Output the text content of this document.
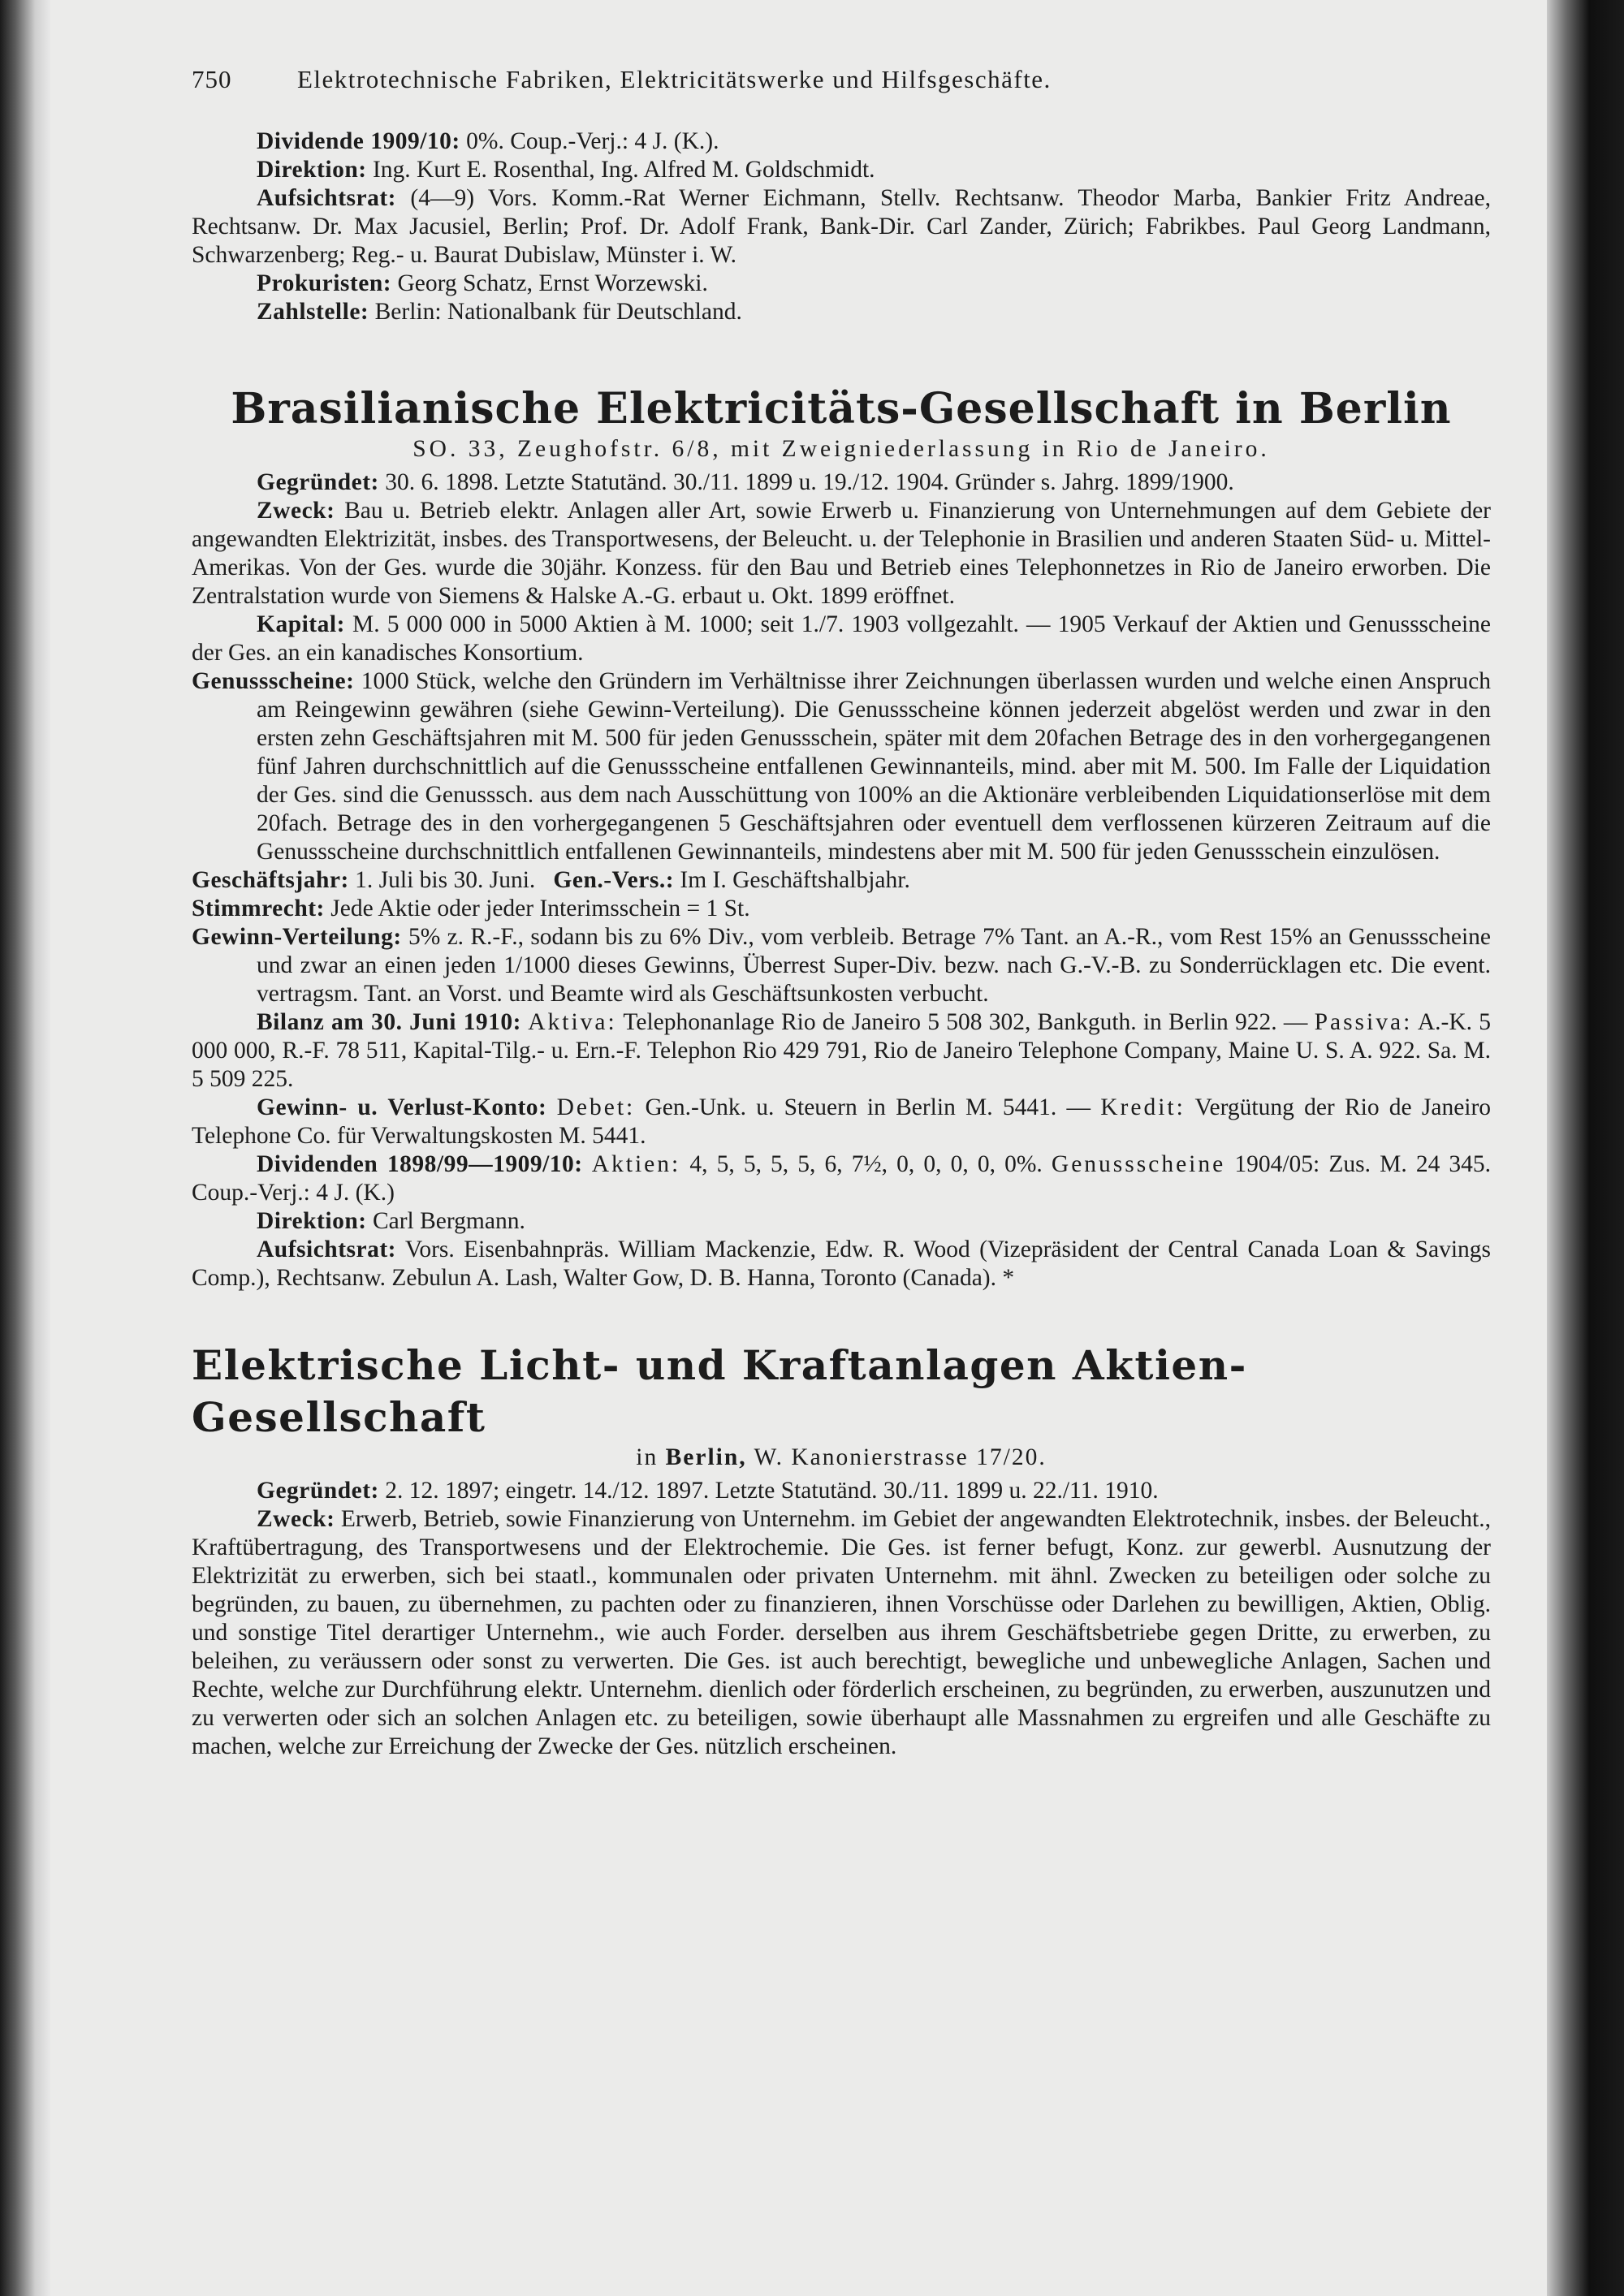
750	Elektrotechnische Fabriken, Elektricitätswerke und Hilfsgeschäfte.

Dividende 1909/10: 0%. Coup.-Verj.: 4 J. (K.).

Direktion: Ing. Kurt E. Rosenthal, Ing. Alfred M. Goldschmidt.

Aufsichtsrat: (4—9) Vors. Komm.-Rat Werner Eichmann, Stellv. Rechtsanw. Theodor Marba, Bankier Fritz Andreae, Rechtsanw. Dr. Max Jacusiel, Berlin; Prof. Dr. Adolf Frank, Bank-Dir. Carl Zander, Zürich; Fabrikbes. Paul Georg Landmann, Schwarzenberg; Reg.- u. Baurat Dubislaw, Münster i. W.

Prokuristen: Georg Schatz, Ernst Worzewski.

Zahlstelle: Berlin: Nationalbank für Deutschland.

Brasilianische Elektricitäts-Gesellschaft in Berlin

SO. 33, Zeughofstr. 6/8, mit Zweigniederlassung in Rio de Janeiro.

Gegründet: 30. 6. 1898. Letzte Statutänd. 30./11. 1899 u. 19./12. 1904. Gründer s. Jahrg. 1899/1900.

Zweck: Bau u. Betrieb elektr. Anlagen aller Art, sowie Erwerb u. Finanzierung von Unternehmungen auf dem Gebiete der angewandten Elektrizität, insbes. des Transportwesens, der Beleucht. u. der Telephonie in Brasilien und anderen Staaten Süd- u. Mittel-Amerikas. Von der Ges. wurde die 30jähr. Konzess. für den Bau und Betrieb eines Telephonnetzes in Rio de Janeiro erworben. Die Zentralstation wurde von Siemens & Halske A.-G. erbaut u. Okt. 1899 eröffnet.

Kapital: M. 5 000 000 in 5000 Aktien à M. 1000; seit 1./7. 1903 vollgezahlt. — 1905 Verkauf der Aktien und Genussscheine der Ges. an ein kanadisches Konsortium.

Genussscheine: 1000 Stück, welche den Gründern im Verhältnisse ihrer Zeichnungen überlassen wurden und welche einen Anspruch am Reingewinn gewähren (siehe Gewinn-Verteilung). Die Genussscheine können jederzeit abgelöst werden und zwar in den ersten zehn Geschäftsjahren mit M. 500 für jeden Genussschein, später mit dem 20fachen Betrage des in den vorhergegangenen fünf Jahren durchschnittlich auf die Genussscheine entfallenen Gewinnanteils, mind. aber mit M. 500. Im Falle der Liquidation der Ges. sind die Genusssch. aus dem nach Ausschüttung von 100% an die Aktionäre verbleibenden Liquidationserlöse mit dem 20fach. Betrage des in den vorhergegangenen 5 Geschäftsjahren oder eventuell dem verflossenen kürzeren Zeitraum auf die Genussscheine durchschnittlich entfallenen Gewinnanteils, mindestens aber mit M. 500 für jeden Genussschein einzulösen.

Geschäftsjahr: 1. Juli bis 30. Juni. Gen.-Vers.: Im I. Geschäftshalbjahr.

Stimmrecht: Jede Aktie oder jeder Interimsschein = 1 St.

Gewinn-Verteilung: 5% z. R.-F., sodann bis zu 6% Div., vom verbleib. Betrage 7% Tant. an A.-R., vom Rest 15% an Genussscheine und zwar an einen jeden 1/1000 dieses Gewinns, Überrest Super-Div. bezw. nach G.-V.-B. zu Sonderrücklagen etc. Die event. vertragsm. Tant. an Vorst. und Beamte wird als Geschäftsunkosten verbucht.

Bilanz am 30. Juni 1910: Aktiva: Telephonanlage Rio de Janeiro 5 508 302, Bankguth. in Berlin 922. — Passiva: A.-K. 5 000 000, R.-F. 78 511, Kapital-Tilg.- u. Ern.-F. Telephon Rio 429 791, Rio de Janeiro Telephone Company, Maine U. S. A. 922. Sa. M. 5 509 225.

Gewinn- u. Verlust-Konto: Debet: Gen.-Unk. u. Steuern in Berlin M. 5441. — Kredit: Vergütung der Rio de Janeiro Telephone Co. für Verwaltungskosten M. 5441.

Dividenden 1898/99—1909/10: Aktien: 4, 5, 5, 5, 5, 6, 7½, 0, 0, 0, 0, 0%. Genussscheine 1904/05: Zus. M. 24 345. Coup.-Verj.: 4 J. (K.)

Direktion: Carl Bergmann.

Aufsichtsrat: Vors. Eisenbahnpräs. William Mackenzie, Edw. R. Wood (Vizepräsident der Central Canada Loan & Savings Comp.), Rechtsanw. Zebulun A. Lash, Walter Gow, D. B. Hanna, Toronto (Canada). *

Elektrische Licht- und Kraftanlagen Aktien-Gesellschaft

in Berlin, W. Kanonierstrasse 17/20.

Gegründet: 2. 12. 1897; eingetr. 14./12. 1897. Letzte Statutänd. 30./11. 1899 u. 22./11. 1910.

Zweck: Erwerb, Betrieb, sowie Finanzierung von Unternehm. im Gebiet der angewandten Elektrotechnik, insbes. der Beleucht., Kraftübertragung, des Transportwesens und der Elektrochemie. Die Ges. ist ferner befugt, Konz. zur gewerbl. Ausnutzung der Elektrizität zu erwerben, sich bei staatl., kommunalen oder privaten Unternehm. mit ähnl. Zwecken zu beteiligen oder solche zu begründen, zu bauen, zu übernehmen, zu pachten oder zu finanzieren, ihnen Vorschüsse oder Darlehen zu bewilligen, Aktien, Oblig. und sonstige Titel derartiger Unternehm., wie auch Forder. derselben aus ihrem Geschäftsbetriebe gegen Dritte, zu erwerben, zu beleihen, zu veräussern oder sonst zu verwerten. Die Ges. ist auch berechtigt, bewegliche und unbewegliche Anlagen, Sachen und Rechte, welche zur Durchführung elektr. Unternehm. dienlich oder förderlich erscheinen, zu begründen, zu erwerben, auszunutzen und zu verwerten oder sich an solchen Anlagen etc. zu beteiligen, sowie überhaupt alle Massnahmen zu ergreifen und alle Geschäfte zu machen, welche zur Erreichung der Zwecke der Ges. nützlich erscheinen.
